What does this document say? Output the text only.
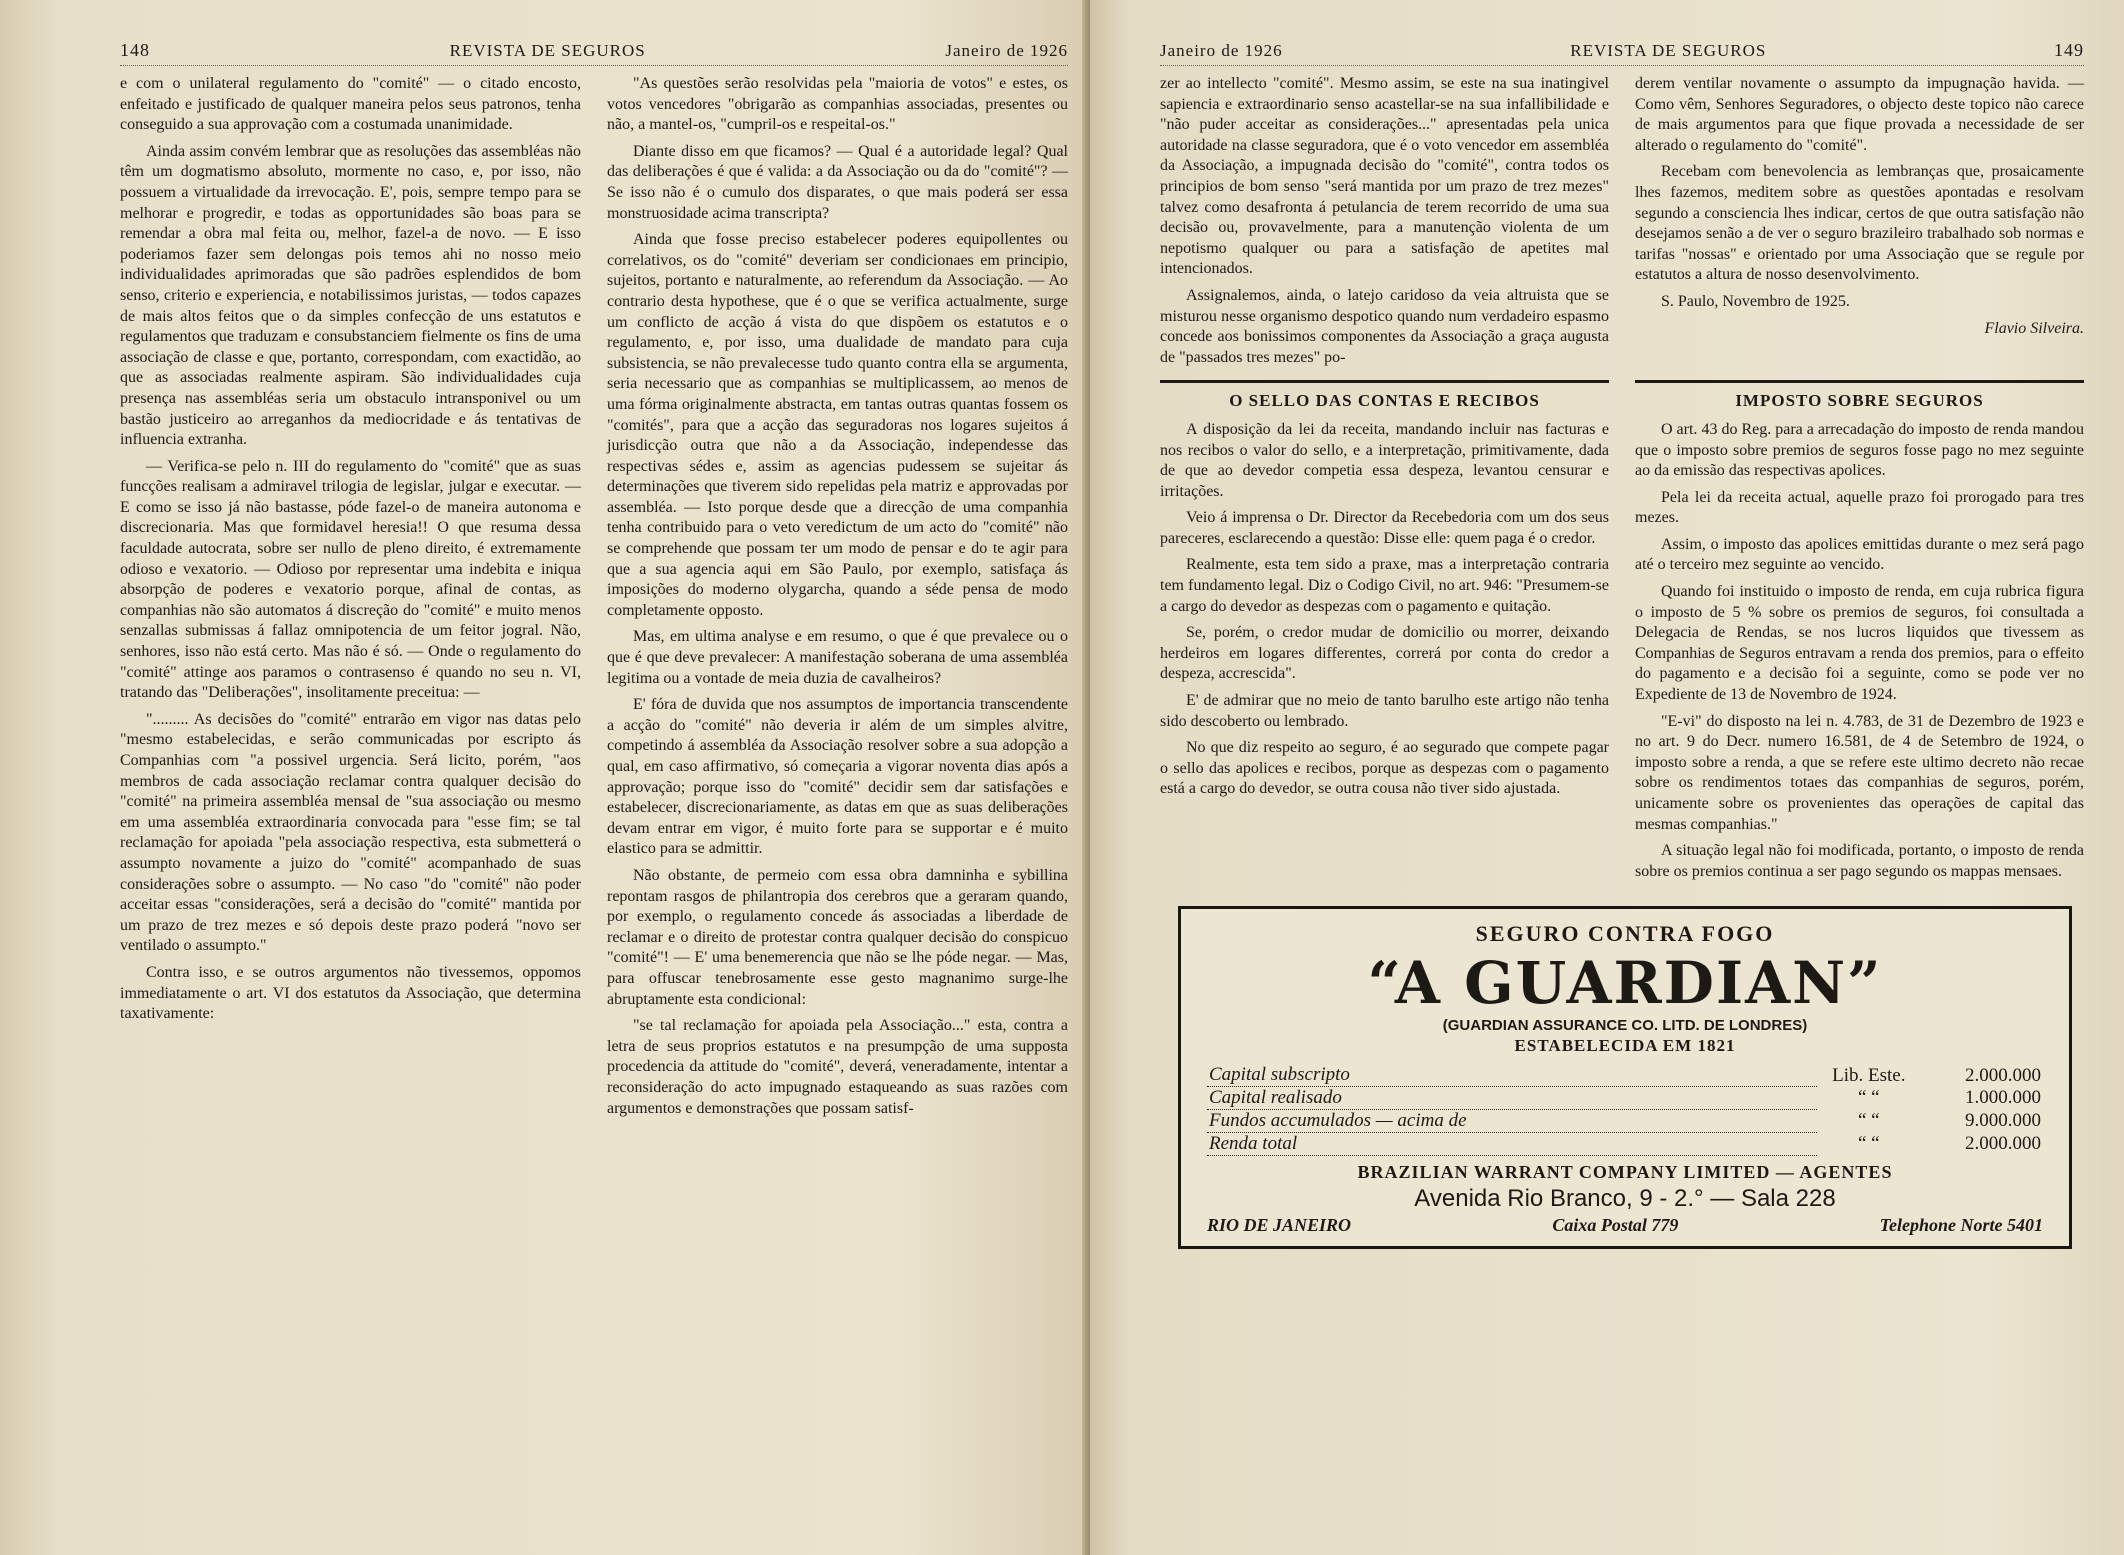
148	REVISTA DE SEGUROS	Janeiro de 1926

e com o unilateral regulamento do "comité" — o citado encosto, enfeitado e justificado de qualquer maneira pelos seus patronos, tenha conseguido a sua approvação com a costumada unanimidade.

Ainda assim convém lembrar que as resoluções das assembléas não têm um dogmatismo absoluto, mormente no caso, e, por isso, não possuem a virtualidade da irrevocação. E', pois, sempre tempo para se melhorar e progredir, e todas as opportunidades são boas para se remendar a obra mal feita ou, melhor, fazel-a de novo. — E isso poderiamos fazer sem delongas pois temos ahi no nosso meio individualidades aprimoradas que são padrões esplendidos de bom senso, criterio e experiencia, e notabilissimos juristas, — todos capazes de mais altos feitos que o da simples confecção de uns estatutos e regulamentos que traduzam e consubstanciem fielmente os fins de uma associação de classe e que, portanto, correspondam, com exactidão, ao que as associadas realmente aspiram. São individualidades cuja presença nas assembléas seria um obstaculo intransponivel ou um bastão justiceiro ao arreganhos da mediocridade e ás tentativas de influencia extranha.

— Verifica-se pelo n. III do regulamento do "comité" que as suas funcções realisam a admiravel trilogia de legislar, julgar e executar. — E como se isso já não bastasse, póde fazel-o de maneira autonoma e discrecionaria. Mas que formidavel heresia!! O que resuma dessa faculdade autocrata, sobre ser nullo de pleno direito, é extremamente odioso e vexatorio. — Odioso por representar uma indebita e iniqua absorpção de poderes e vexatorio porque, afinal de contas, as companhias não são automatos á discreção do "comité" e muito menos senzallas submissas á fallaz omnipotencia de um feitor jogral. Não, senhores, isso não está certo. Mas não é só. — Onde o regulamento do "comité" attinge aos paramos o contrasenso é quando no seu n. VI, tratando das "Deliberações", insolitamente preceitua: —

"......... As decisões do "comité" entrarão em vigor nas datas pelo "mesmo estabelecidas, e serão communicadas por escripto ás Companhias com "a possivel urgencia. Será licito, porém, "aos membros de cada associação reclamar contra qualquer decisão do "comité" na primeira assembléa mensal de "sua associação ou mesmo em uma assembléa extraordinaria convocada para "esse fim; se tal reclamação for apoiada "pela associação respectiva, esta submetterá o assumpto novamente a juizo do "comité" acompanhado de suas considerações sobre o assumpto. — No caso "do "comité" não poder acceitar essas "considerações, será a decisão do "comité" mantida por um prazo de trez mezes e só depois deste prazo poderá "novo ser ventilado o assumpto."

Contra isso, e se outros argumentos não tivessemos, oppomos immediatamente o art. VI dos estatutos da Associação, que determina taxativamente:

"As questões serão resolvidas pela "maioria de votos" e estes, os votos vencedores "obrigarão as companhias associadas, presentes ou não, a mantel-os, "cumpril-os e respeital-os."

Diante disso em que ficamos? — Qual é a autoridade legal? Qual das deliberações é que é valida: a da Associação ou da do "comité"? — Se isso não é o cumulo dos disparates, o que mais poderá ser essa monstruosidade acima transcripta?

Ainda que fosse preciso estabelecer poderes equipollentes ou correlativos, os do "comité" deveriam ser condicionaes em principio, sujeitos, portanto e naturalmente, ao referendum da Associação. — Ao contrario desta hypothese, que é o que se verifica actualmente, surge um conflicto de acção á vista do que dispõem os estatutos e o regulamento, e, por isso, uma dualidade de mandato para cuja subsistencia, se não prevalecesse tudo quanto contra ella se argumenta, seria necessario que as companhias se multiplicassem, ao menos de uma fórma originalmente abstracta, em tantas outras quantas fossem os "comités", para que a acção das seguradoras nos logares sujeitos á jurisdicção outra que não a da Associação, independesse das respectivas sédes e, assim as agencias pudessem se sujeitar ás determinações que tiverem sido repelidas pela matriz e approvadas por assembléa. — Isto porque desde que a direcção de uma companhia tenha contribuido para o veto veredictum de um acto do "comité" não se comprehende que possam ter um modo de pensar e do te agir para que a sua agencia aqui em São Paulo, por exemplo, satisfaça ás imposições do moderno olygarcha, quando a séde pensa de modo completamente opposto.

Mas, em ultima analyse e em resumo, o que é que prevalece ou o que é que deve prevalecer: A manifestação soberana de uma assembléa legitima ou a vontade de meia duzia de cavalheiros?

E' fóra de duvida que nos assumptos de importancia transcendente a acção do "comité" não deveria ir além de um simples alvitre, competindo á assembléa da Associação resolver sobre a sua adopção a qual, em caso affirmativo, só começaria a vigorar noventa dias após a approvação; porque isso do "comité" decidir sem dar satisfações e estabelecer, discrecionariamente, as datas em que as suas deliberações devam entrar em vigor, é muito forte para se supportar e é muito elastico para se admittir.

Não obstante, de permeio com essa obra damninha e sybillina repontam rasgos de philantropia dos cerebros que a geraram quando, por exemplo, o regulamento concede ás associadas a liberdade de reclamar e o direito de protestar contra qualquer decisão do conspicuo "comité"! — E' uma benemerencia que não se lhe póde negar. — Mas, para offuscar tenebrosamente esse gesto magnanimo surge-lhe abruptamente esta condicional:

"se tal reclamação for apoiada pela Associação..." esta, contra a letra de seus proprios estatutos e na presumpção de uma supposta procedencia da attitude do "comité", deverá, veneradamente, intentar a reconsideração do acto impugnado estaqueando as suas razões com argumentos e demonstrações que possam satisf-

Janeiro de 1926	REVISTA DE SEGUROS	149

zer ao intellecto "comité". Mesmo assim, se este na sua inatingivel sapiencia e extraordinario senso acastellar-se na sua infallibilidade e "não puder acceitar as considerações..." apresentadas pela unica autoridade na classe seguradora, que é o voto vencedor em assembléa da Associação, a impugnada decisão do "comité", contra todos os principios de bom senso "será mantida por um prazo de trez mezes" talvez como desafronta á petulancia de terem recorrido de uma sua decisão ou, provavelmente, para a manutenção violenta de um nepotismo qualquer ou para a satisfação de apetites mal intencionados.

Assignalemos, ainda, o latejo caridoso da veia altruista que se misturou nesse organismo despotico quando num verdadeiro espasmo concede aos bonissimos componentes da Associação a graça augusta de "passados tres mezes" po-

derem ventilar novamente o assumpto da impugnação havida. — Como vêm, Senhores Seguradores, o objecto deste topico não carece de mais argumentos para que fique provada a necessidade de ser alterado o regulamento do "comité".

Recebam com benevolencia as lembranças que, prosaicamente lhes fazemos, meditem sobre as questões apontadas e resolvam segundo a consciencia lhes indicar, certos de que outra satisfação não desejamos senão a de ver o seguro brazileiro trabalhado sob normas e tarifas "nossas" e orientado por uma Associação que se regule por estatutos a altura de nosso desenvolvimento.

S. Paulo, Novembro de 1925.

Flavio Silveira.
O SELLO DAS CONTAS E RECIBOS

A disposição da lei da receita, mandando incluir nas facturas e nos recibos o valor do sello, e a interpretação, primitivamente, dada de que ao devedor competia essa despeza, levantou censurar e irritações.

Veio á imprensa o Dr. Director da Recebedoria com um dos seus pareceres, esclarecendo a questão: Disse elle: quem paga é o credor.

Realmente, esta tem sido a praxe, mas a interpretação contraria tem fundamento legal. Diz o Codigo Civil, no art. 946: "Presumem-se a cargo do devedor as despezas com o pagamento e quitação.

Se, porém, o credor mudar de domicilio ou morrer, deixando herdeiros em logares differentes, correrá por conta do credor a despeza, accrescida".

E' de admirar que no meio de tanto barulho este artigo não tenha sido descoberto ou lembrado.

No que diz respeito ao seguro, é ao segurado que compete pagar o sello das apolices e recibos, porque as despezas com o pagamento está a cargo do devedor, se outra cousa não tiver sido ajustada.

IMPOSTO SOBRE SEGUROS

O art. 43 do Reg. para a arrecadação do imposto de renda mandou que o imposto sobre premios de seguros fosse pago no mez seguinte ao da emissão das respectivas apolices.

Pela lei da receita actual, aquelle prazo foi prorogado para tres mezes.

Assim, o imposto das apolices emittidas durante o mez será pago até o terceiro mez seguinte ao vencido.

Quando foi instituido o imposto de renda, em cuja rubrica figura o imposto de 5 % sobre os premios de seguros, foi consultada a Delegacia de Rendas, se nos lucros liquidos que tivessem as Companhias de Seguros entravam a renda dos premios, para o effeito do pagamento e a decisão foi a seguinte, como se pode ver no Expediente de 13 de Novembro de 1924.

"E-vi" do disposto na lei n. 4.783, de 31 de Dezembro de 1923 e no art. 9 do Decr. numero 16.581, de 4 de Setembro de 1924, o imposto sobre a renda, a que se refere este ultimo decreto não recae sobre os rendimentos totaes das companhias de seguros, porém, unicamente sobre os provenientes das operações de capital das mesmas companhias."

A situação legal não foi modificada, portanto, o imposto de renda sobre os premios continua a ser pago segundo os mappas mensaes.

SEGURO CONTRA FOGO
“A GUARDIAN”
(GUARDIAN ASSURANCE CO. LITD. DE LONDRES)
ESTABELECIDA EM 1821
Capital subscripto	Lib. Este.	2.000.000
Capital realisado	“ “	1.000.000
Fundos accumulados — acima de	“ “	9.000.000
Renda total	“ “	2.000.000
BRAZILIAN WARRANT COMPANY LIMITED — AGENTES
Avenida Rio Branco, 9 - 2.° — Sala 228
RIO DE JANEIRO	Caixa Postal 779	Telephone Norte 5401
